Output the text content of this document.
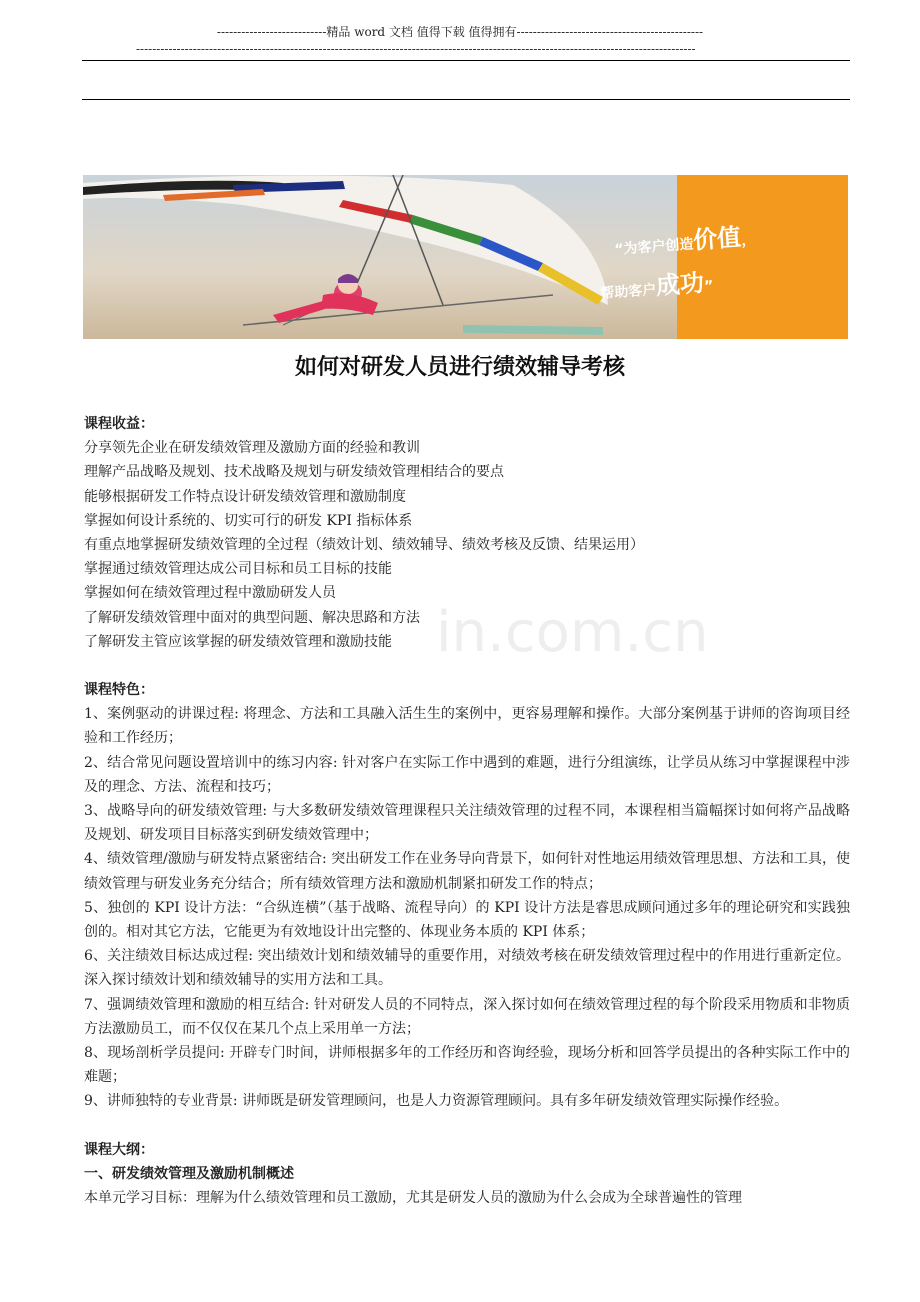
---------------------------精品 word 文档 值得下载 值得拥有----------------------------------------------
------------------------------------------------------------------------------------------------------------------------------------------
“为客户创造价值，
帮助客户成功”
如何对研发人员进行绩效辅导考核
in.com.cn
课程收益：
分享领先企业在研发绩效管理及激励方面的经验和教训
理解产品战略及规划、技术战略及规划与研发绩效管理相结合的要点
能够根据研发工作特点设计研发绩效管理和激励制度
掌握如何设计系统的、切实可行的研发 KPI 指标体系
有重点地掌握研发绩效管理的全过程（绩效计划、绩效辅导、绩效考核及反馈、结果运用）
掌握通过绩效管理达成公司目标和员工目标的技能
掌握如何在绩效管理过程中激励研发人员
了解研发绩效管理中面对的典型问题、解决思路和方法
了解研发主管应该掌握的研发绩效管理和激励技能
课程特色：
1、案例驱动的讲课过程: 将理念、方法和工具融入活生生的案例中，更容易理解和操作。大部分案例基于讲师的咨询项目经验和工作经历；
2、结合常见问题设置培训中的练习内容: 针对客户在实际工作中遇到的难题，进行分组演练，让学员从练习中掌握课程中涉及的理念、方法、流程和技巧；
3、战略导向的研发绩效管理: 与大多数研发绩效管理课程只关注绩效管理的过程不同，本课程相当篇幅探讨如何将产品战略及规划、研发项目目标落实到研发绩效管理中；
4、绩效管理/激励与研发特点紧密结合: 突出研发工作在业务导向背景下，如何针对性地运用绩效管理思想、方法和工具，使绩效管理与研发业务充分结合；所有绩效管理方法和激励机制紧扣研发工作的特点；
5、独创的 KPI 设计方法：“合纵连横”（基于战略、流程导向）的 KPI 设计方法是睿思成顾问通过多年的理论研究和实践独创的。相对其它方法，它能更为有效地设计出完整的、体现业务本质的 KPI 体系；
6、关注绩效目标达成过程: 突出绩效计划和绩效辅导的重要作用，对绩效考核在研发绩效管理过程中的作用进行重新定位。深入探讨绩效计划和绩效辅导的实用方法和工具。
7、强调绩效管理和激励的相互结合: 针对研发人员的不同特点，深入探讨如何在绩效管理过程的每个阶段采用物质和非物质方法激励员工，而不仅仅在某几个点上采用单一方法；
8、现场剖析学员提问: 开辟专门时间，讲师根据多年的工作经历和咨询经验，现场分析和回答学员提出的各种实际工作中的难题；
9、讲师独特的专业背景: 讲师既是研发管理顾问，也是人力资源管理顾问。具有多年研发绩效管理实际操作经验。
课程大纲：
一、研发绩效管理及激励机制概述
本单元学习目标：理解为什么绩效管理和员工激励，尤其是研发人员的激励为什么会成为全球普遍性的管理
